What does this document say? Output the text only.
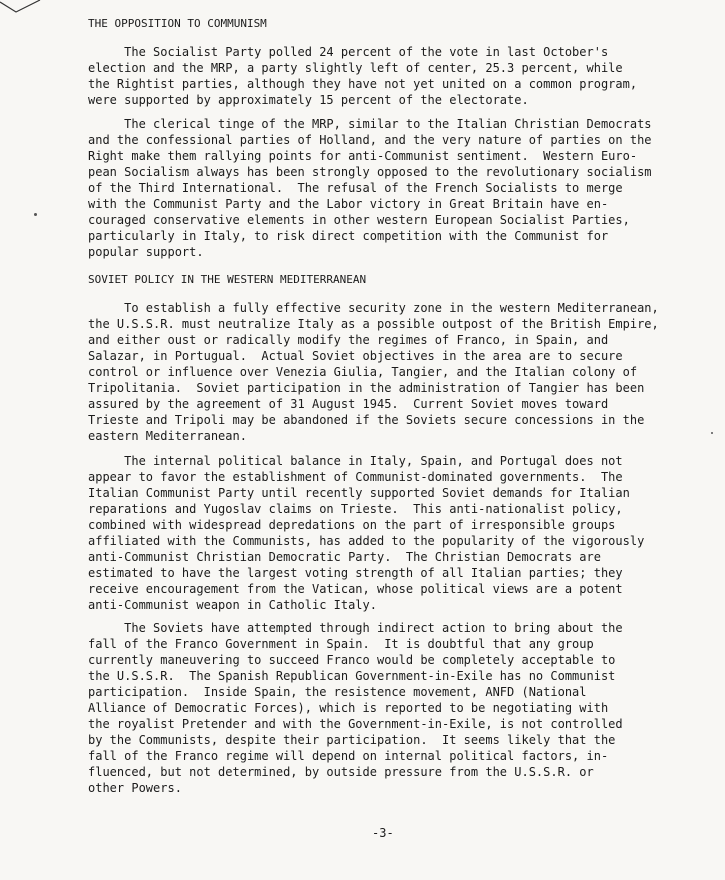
THE OPPOSITION TO COMMUNISM

The Socialist Party polled 24 percent of the vote in last October's
election and the MRP, a party slightly left of center, 25.3 percent, while
the Rightist parties, although they have not yet united on a common program,
were supported by approximately 15 percent of the electorate.

The clerical tinge of the MRP, similar to the Italian Christian Democrats
and the confessional parties of Holland, and the very nature of parties on the
Right make them rallying points for anti-Communist sentiment.  Western Euro-
pean Socialism always has been strongly opposed to the revolutionary socialism
of the Third International.  The refusal of the French Socialists to merge
with the Communist Party and the Labor victory in Great Britain have en-
couraged conservative elements in other western European Socialist Parties,
particularly in Italy, to risk direct competition with the Communist for
popular support.

SOVIET POLICY IN THE WESTERN MEDITERRANEAN

To establish a fully effective security zone in the western Mediterranean,
the U.S.S.R. must neutralize Italy as a possible outpost of the British Empire,
and either oust or radically modify the regimes of Franco, in Spain, and
Salazar, in Portugual.  Actual Soviet objectives in the area are to secure
control or influence over Venezia Giulia, Tangier, and the Italian colony of
Tripolitania.  Soviet participation in the administration of Tangier has been
assured by the agreement of 31 August 1945.  Current Soviet moves toward
Trieste and Tripoli may be abandoned if the Soviets secure concessions in the
eastern Mediterranean.

The internal political balance in Italy, Spain, and Portugal does not
appear to favor the establishment of Communist-dominated governments.  The
Italian Communist Party until recently supported Soviet demands for Italian
reparations and Yugoslav claims on Trieste.  This anti-nationalist policy,
combined with widespread depredations on the part of irresponsible groups
affiliated with the Communists, has added to the popularity of the vigorously
anti-Communist Christian Democratic Party.  The Christian Democrats are
estimated to have the largest voting strength of all Italian parties; they
receive encouragement from the Vatican, whose political views are a potent
anti-Communist weapon in Catholic Italy.

The Soviets have attempted through indirect action to bring about the
fall of the Franco Government in Spain.  It is doubtful that any group
currently maneuvering to succeed Franco would be completely acceptable to
the U.S.S.R.  The Spanish Republican Government-in-Exile has no Communist
participation.  Inside Spain, the resistence movement, ANFD (National
Alliance of Democratic Forces), which is reported to be negotiating with
the royalist Pretender and with the Government-in-Exile, is not controlled
by the Communists, despite their participation.  It seems likely that the
fall of the Franco regime will depend on internal political factors, in-
fluenced, but not determined, by outside pressure from the U.S.S.R. or
other Powers.

-3-
